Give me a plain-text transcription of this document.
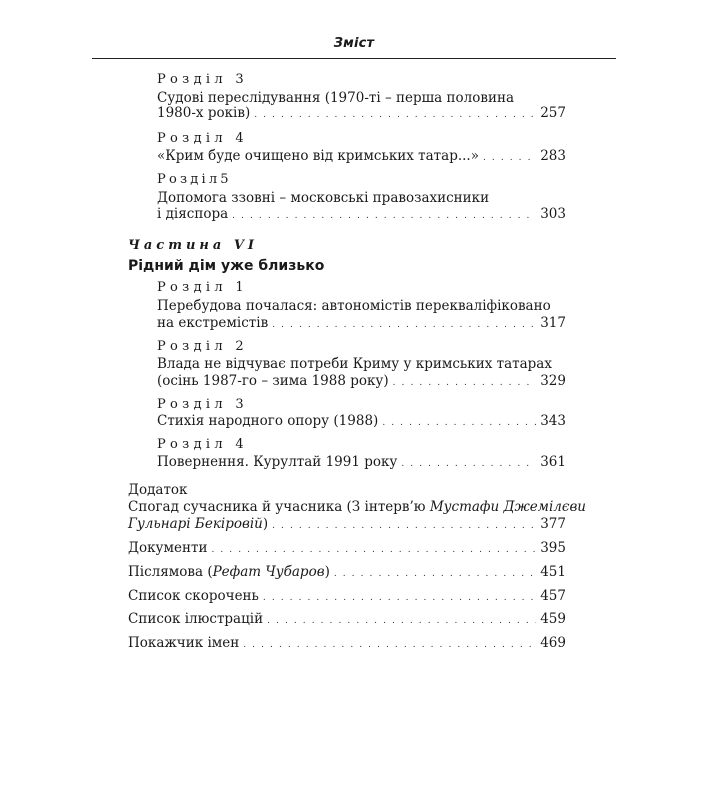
Зміст
Розділ 3
Судові переслідування (1970-ті – перша половина
1980-х років) . . .	257
Розділ 4
«Крим буде очищено від кримських татар...» . . .	283
Розділ5
Допомога ззовні – московські правозахисники
і діяспора . . .	303
Частина VI
Рідний дім уже близько
Розділ 1
Перебудова почалася: автономістів перекваліфіковано
на екстремістів . . .	317
Розділ 2
Влада не відчуває потреби Криму у кримських татарах
(осінь 1987-го – зима 1988 року) . . .	329
Розділ 3
Стихія народного опору (1988) . . .	343
Розділ 4
Повернення. Курултай 1991 року . . .	361
Додаток
Спогад сучасника й учасника (З інтерв’ю Мустафи Джемілєви
Гульнарі Бекіровій) . . .	377
Документи . . .	395
Післямова (Рефат Чубаров) . . .	451
Список скорочень . . .	457
Список ілюстрацій . . .	459
Покажчик імен . . .	469
